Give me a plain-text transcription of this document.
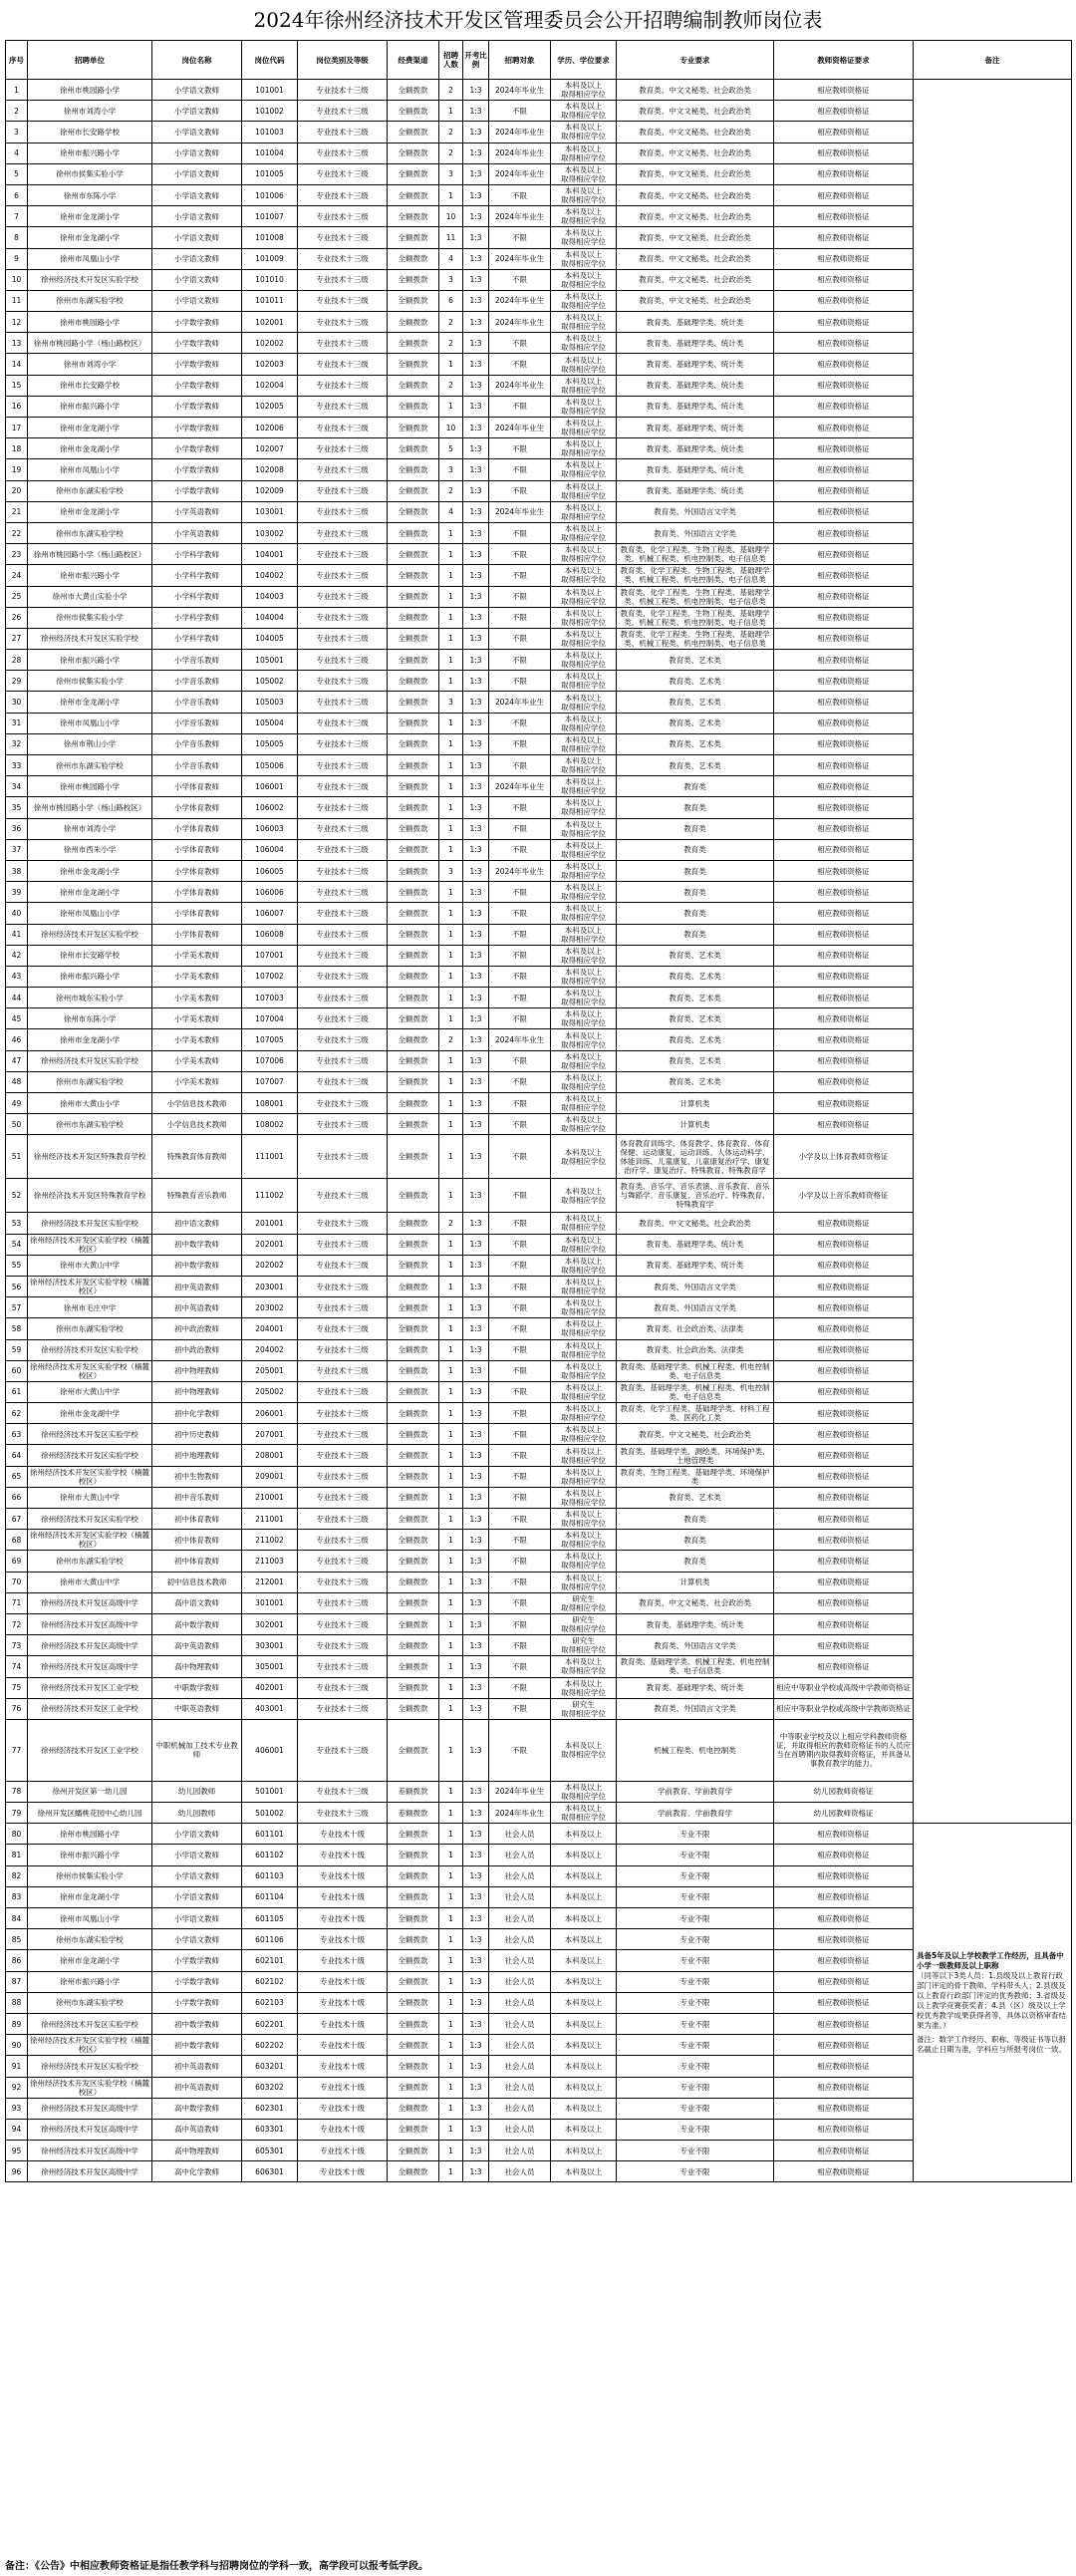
2024年徐州经济技术开发区管理委员会公开招聘编制教师岗位表
序号	招聘单位	岗位名称	岗位代码	岗位类别及等级	经费渠道	招聘人数	开考比例	招聘对象	学历、学位要求	专业要求	教师资格证要求	备注
1	徐州市桃园路小学	小学语文教师	101001	专业技术十三级	全额拨款	2	1:3	2024年毕业生	本科及以上
取得相应学位	教育类、中文文秘类、社会政治类	相应教师资格证	
2	徐州市刘湾小学	小学语文教师	101002	专业技术十三级	全额拨款	1	1:3	不限	本科及以上
取得相应学位	教育类、中文文秘类、社会政治类	相应教师资格证	
3	徐州市长安路学校	小学语文教师	101003	专业技术十三级	全额拨款	2	1:3	2024年毕业生	本科及以上
取得相应学位	教育类、中文文秘类、社会政治类	相应教师资格证	
4	徐州市振兴路小学	小学语文教师	101004	专业技术十三级	全额拨款	2	1:3	2024年毕业生	本科及以上
取得相应学位	教育类、中文文秘类、社会政治类	相应教师资格证	
5	徐州市侯集实验小学	小学语文教师	101005	专业技术十三级	全额拨款	3	1:3	2024年毕业生	本科及以上
取得相应学位	教育类、中文文秘类、社会政治类	相应教师资格证	
6	徐州市东陈小学	小学语文教师	101006	专业技术十三级	全额拨款	1	1:3	不限	本科及以上
取得相应学位	教育类、中文文秘类、社会政治类	相应教师资格证	
7	徐州市金龙湖小学	小学语文教师	101007	专业技术十三级	全额拨款	10	1:3	2024年毕业生	本科及以上
取得相应学位	教育类、中文文秘类、社会政治类	相应教师资格证	
8	徐州市金龙湖小学	小学语文教师	101008	专业技术十三级	全额拨款	11	1:3	不限	本科及以上
取得相应学位	教育类、中文文秘类、社会政治类	相应教师资格证	
9	徐州市凤凰山小学	小学语文教师	101009	专业技术十三级	全额拨款	4	1:3	2024年毕业生	本科及以上
取得相应学位	教育类、中文文秘类、社会政治类	相应教师资格证	
10	徐州经济技术开发区实验学校	小学语文教师	101010	专业技术十三级	全额拨款	3	1:3	不限	本科及以上
取得相应学位	教育类、中文文秘类、社会政治类	相应教师资格证	
11	徐州市东湖实验学校	小学语文教师	101011	专业技术十三级	全额拨款	6	1:3	2024年毕业生	本科及以上
取得相应学位	教育类、中文文秘类、社会政治类	相应教师资格证	
12	徐州市桃园路小学	小学数学教师	102001	专业技术十三级	全额拨款	2	1:3	2024年毕业生	本科及以上
取得相应学位	教育类、基础理学类、统计类	相应教师资格证	
13	徐州市桃园路小学（杨山路校区）	小学数学教师	102002	专业技术十三级	全额拨款	2	1:3	不限	本科及以上
取得相应学位	教育类、基础理学类、统计类	相应教师资格证	
14	徐州市刘湾小学	小学数学教师	102003	专业技术十三级	全额拨款	1	1:3	不限	本科及以上
取得相应学位	教育类、基础理学类、统计类	相应教师资格证	
15	徐州市长安路学校	小学数学教师	102004	专业技术十三级	全额拨款	2	1:3	2024年毕业生	本科及以上
取得相应学位	教育类、基础理学类、统计类	相应教师资格证	
16	徐州市振兴路小学	小学数学教师	102005	专业技术十三级	全额拨款	1	1:3	不限	本科及以上
取得相应学位	教育类、基础理学类、统计类	相应教师资格证	
17	徐州市金龙湖小学	小学数学教师	102006	专业技术十三级	全额拨款	10	1:3	2024年毕业生	本科及以上
取得相应学位	教育类、基础理学类、统计类	相应教师资格证	
18	徐州市金龙湖小学	小学数学教师	102007	专业技术十三级	全额拨款	5	1:3	不限	本科及以上
取得相应学位	教育类、基础理学类、统计类	相应教师资格证	
19	徐州市凤凰山小学	小学数学教师	102008	专业技术十三级	全额拨款	3	1:3	不限	本科及以上
取得相应学位	教育类、基础理学类、统计类	相应教师资格证	
20	徐州市东湖实验学校	小学数学教师	102009	专业技术十三级	全额拨款	2	1:3	不限	本科及以上
取得相应学位	教育类、基础理学类、统计类	相应教师资格证	
21	徐州市金龙湖小学	小学英语教师	103001	专业技术十三级	全额拨款	4	1:3	2024年毕业生	本科及以上
取得相应学位	教育类、外国语言文学类	相应教师资格证	
22	徐州市东湖实验学校	小学英语教师	103002	专业技术十三级	全额拨款	1	1:3	不限	本科及以上
取得相应学位	教育类、外国语言文学类	相应教师资格证	
23	徐州市桃园路小学（杨山路校区）	小学科学教师	104001	专业技术十三级	全额拨款	1	1:3	不限	本科及以上
取得相应学位	教育类、化学工程类、生物工程类、基础理学类、机械工程类、机电控制类、电子信息类	相应教师资格证	
24	徐州市振兴路小学	小学科学教师	104002	专业技术十三级	全额拨款	1	1:3	不限	本科及以上
取得相应学位	教育类、化学工程类、生物工程类、基础理学类、机械工程类、机电控制类、电子信息类	相应教师资格证	
25	徐州市大黄山实验小学	小学科学教师	104003	专业技术十三级	全额拨款	1	1:3	不限	本科及以上
取得相应学位	教育类、化学工程类、生物工程类、基础理学类、机械工程类、机电控制类、电子信息类	相应教师资格证	
26	徐州市侯集实验小学	小学科学教师	104004	专业技术十三级	全额拨款	1	1:3	不限	本科及以上
取得相应学位	教育类、化学工程类、生物工程类、基础理学类、机械工程类、机电控制类、电子信息类	相应教师资格证	
27	徐州经济技术开发区实验学校	小学科学教师	104005	专业技术十三级	全额拨款	1	1:3	不限	本科及以上
取得相应学位	教育类、化学工程类、生物工程类、基础理学类、机械工程类、机电控制类、电子信息类	相应教师资格证	
28	徐州市振兴路小学	小学音乐教师	105001	专业技术十三级	全额拨款	1	1:3	不限	本科及以上
取得相应学位	教育类、艺术类	相应教师资格证	
29	徐州市侯集实验小学	小学音乐教师	105002	专业技术十三级	全额拨款	1	1:3	不限	本科及以上
取得相应学位	教育类、艺术类	相应教师资格证	
30	徐州市金龙湖小学	小学音乐教师	105003	专业技术十三级	全额拨款	3	1:3	2024年毕业生	本科及以上
取得相应学位	教育类、艺术类	相应教师资格证	
31	徐州市凤凰山小学	小学音乐教师	105004	专业技术十三级	全额拨款	1	1:3	不限	本科及以上
取得相应学位	教育类、艺术类	相应教师资格证	
32	徐州市荆山小学	小学音乐教师	105005	专业技术十三级	全额拨款	1	1:3	不限	本科及以上
取得相应学位	教育类、艺术类	相应教师资格证	
33	徐州市东湖实验学校	小学音乐教师	105006	专业技术十三级	全额拨款	1	1:3	不限	本科及以上
取得相应学位	教育类、艺术类	相应教师资格证	
34	徐州市桃园路小学	小学体育教师	106001	专业技术十三级	全额拨款	1	1:3	2024年毕业生	本科及以上
取得相应学位	教育类	相应教师资格证	
35	徐州市桃园路小学（杨山路校区）	小学体育教师	106002	专业技术十三级	全额拨款	1	1:3	不限	本科及以上
取得相应学位	教育类	相应教师资格证	
36	徐州市刘湾小学	小学体育教师	106003	专业技术十三级	全额拨款	1	1:3	不限	本科及以上
取得相应学位	教育类	相应教师资格证	
37	徐州市西朱小学	小学体育教师	106004	专业技术十三级	全额拨款	1	1:3	不限	本科及以上
取得相应学位	教育类	相应教师资格证	
38	徐州市金龙湖小学	小学体育教师	106005	专业技术十三级	全额拨款	3	1:3	2024年毕业生	本科及以上
取得相应学位	教育类	相应教师资格证	
39	徐州市金龙湖小学	小学体育教师	106006	专业技术十三级	全额拨款	1	1:3	不限	本科及以上
取得相应学位	教育类	相应教师资格证	
40	徐州市凤凰山小学	小学体育教师	106007	专业技术十三级	全额拨款	1	1:3	不限	本科及以上
取得相应学位	教育类	相应教师资格证	
41	徐州经济技术开发区实验学校	小学体育教师	106008	专业技术十三级	全额拨款	1	1:3	不限	本科及以上
取得相应学位	教育类	相应教师资格证	
42	徐州市长安路学校	小学美术教师	107001	专业技术十三级	全额拨款	1	1:3	不限	本科及以上
取得相应学位	教育类、艺术类	相应教师资格证	
43	徐州市振兴路小学	小学美术教师	107002	专业技术十三级	全额拨款	1	1:3	不限	本科及以上
取得相应学位	教育类、艺术类	相应教师资格证	
44	徐州市城东实验小学	小学美术教师	107003	专业技术十三级	全额拨款	1	1:3	不限	本科及以上
取得相应学位	教育类、艺术类	相应教师资格证	
45	徐州市东陈小学	小学美术教师	107004	专业技术十三级	全额拨款	1	1:3	不限	本科及以上
取得相应学位	教育类、艺术类	相应教师资格证	
46	徐州市金龙湖小学	小学美术教师	107005	专业技术十三级	全额拨款	2	1:3	2024年毕业生	本科及以上
取得相应学位	教育类、艺术类	相应教师资格证	
47	徐州经济技术开发区实验学校	小学美术教师	107006	专业技术十三级	全额拨款	1	1:3	不限	本科及以上
取得相应学位	教育类、艺术类	相应教师资格证	
48	徐州市东湖实验学校	小学美术教师	107007	专业技术十三级	全额拨款	1	1:3	不限	本科及以上
取得相应学位	教育类、艺术类	相应教师资格证	
49	徐州市大黄山小学	小学信息技术教师	108001	专业技术十三级	全额拨款	1	1:3	不限	本科及以上
取得相应学位	计算机类	相应教师资格证	
50	徐州市东湖实验学校	小学信息技术教师	108002	专业技术十三级	全额拨款	1	1:3	不限	本科及以上
取得相应学位	计算机类	相应教师资格证	
51	徐州经济技术开发区特殊教育学校	特殊教育体育教师	111001	专业技术十三级	全额拨款	1	1:3	不限	本科及以上
取得相应学位	体育教育训练学、体育教学、体育教育、体育保健、运动康复、运动训练、人体运动科学、体能训练、儿童康复、儿童康复治疗学、康复治疗学、康复治疗、特殊教育、特殊教育学	小学及以上体育教师资格证	
52	徐州经济技术开发区特殊教育学校	特殊教育音乐教师	111002	专业技术十三级	全额拨款	1	1:3	不限	本科及以上
取得相应学位	教育类、音乐学、音乐表演、音乐教育、音乐与舞蹈学、音乐康复、音乐治疗、特殊教育、特殊教育学	小学及以上音乐教师资格证	
53	徐州经济技术开发区实验学校	初中语文教师	201001	专业技术十三级	全额拨款	2	1:3	不限	本科及以上
取得相应学位	教育类、中文文秘类、社会政治类	相应教师资格证	
54	徐州经济技术开发区实验学校（楠麓校区）	初中数学教师	202001	专业技术十三级	全额拨款	1	1:3	不限	本科及以上
取得相应学位	教育类、基础理学类、统计类	相应教师资格证	
55	徐州市大黄山中学	初中数学教师	202002	专业技术十三级	全额拨款	1	1:3	不限	本科及以上
取得相应学位	教育类、基础理学类、统计类	相应教师资格证	
56	徐州经济技术开发区实验学校（楠麓校区）	初中英语教师	203001	专业技术十三级	全额拨款	1	1:3	不限	本科及以上
取得相应学位	教育类、外国语言文学类	相应教师资格证	
57	徐州市毛庄中学	初中英语教师	203002	专业技术十三级	全额拨款	1	1:3	不限	本科及以上
取得相应学位	教育类、外国语言文学类	相应教师资格证	
58	徐州市东湖实验学校	初中政治教师	204001	专业技术十三级	全额拨款	1	1:3	不限	本科及以上
取得相应学位	教育类、社会政治类、法律类	相应教师资格证	
59	徐州经济技术开发区实验学校	初中政治教师	204002	专业技术十三级	全额拨款	1	1:3	不限	本科及以上
取得相应学位	教育类、社会政治类、法律类	相应教师资格证	
60	徐州经济技术开发区实验学校（楠麓校区）	初中物理教师	205001	专业技术十三级	全额拨款	1	1:3	不限	本科及以上
取得相应学位	教育类、基础理学类、机械工程类、机电控制类、电子信息类	相应教师资格证	
61	徐州市大黄山中学	初中物理教师	205002	专业技术十三级	全额拨款	1	1:3	不限	本科及以上
取得相应学位	教育类、基础理学类、机械工程类、机电控制类、电子信息类	相应教师资格证	
62	徐州市金龙湖中学	初中化学教师	206001	专业技术十三级	全额拨款	1	1:3	不限	本科及以上
取得相应学位	教育类、化学工程类、基础理学类、材料工程类、医药化工类	相应教师资格证	
63	徐州经济技术开发区实验学校	初中历史教师	207001	专业技术十三级	全额拨款	1	1:3	不限	本科及以上
取得相应学位	教育类、中文文秘类、社会政治类	相应教师资格证	
64	徐州经济技术开发区实验学校	初中地理教师	208001	专业技术十三级	全额拨款	1	1:3	不限	本科及以上
取得相应学位	教育类、基础理学类、测绘类、环境保护类、土地管理类	相应教师资格证	
65	徐州经济技术开发区实验学校（楠麓校区）	初中生物教师	209001	专业技术十三级	全额拨款	1	1:3	不限	本科及以上
取得相应学位	教育类、生物工程类、基础理学类、环境保护类	相应教师资格证	
66	徐州市大黄山中学	初中音乐教师	210001	专业技术十三级	全额拨款	1	1:3	不限	本科及以上
取得相应学位	教育类、艺术类	相应教师资格证	
67	徐州经济技术开发区实验学校	初中体育教师	211001	专业技术十三级	全额拨款	1	1:3	不限	本科及以上
取得相应学位	教育类	相应教师资格证	
68	徐州经济技术开发区实验学校（楠麓校区）	初中体育教师	211002	专业技术十三级	全额拨款	1	1:3	不限	本科及以上
取得相应学位	教育类	相应教师资格证	
69	徐州市东湖实验学校	初中体育教师	211003	专业技术十三级	全额拨款	1	1:3	不限	本科及以上
取得相应学位	教育类	相应教师资格证	
70	徐州市大黄山中学	初中信息技术教师	212001	专业技术十三级	全额拨款	1	1:3	不限	本科及以上
取得相应学位	计算机类	相应教师资格证	
71	徐州经济技术开发区高级中学	高中语文教师	301001	专业技术十三级	全额拨款	1	1:3	不限	研究生
取得相应学位	教育类、中文文秘类、社会政治类	相应教师资格证	
72	徐州经济技术开发区高级中学	高中数学教师	302001	专业技术十三级	全额拨款	1	1:3	不限	研究生
取得相应学位	教育类、基础理学类、统计类	相应教师资格证	
73	徐州经济技术开发区高级中学	高中英语教师	303001	专业技术十三级	全额拨款	1	1:3	不限	研究生
取得相应学位	教育类、外国语言文学类	相应教师资格证	
74	徐州经济技术开发区高级中学	高中物理教师	305001	专业技术十三级	全额拨款	1	1:3	不限	本科及以上
取得相应学位	教育类、基础理学类、机械工程类、机电控制类、电子信息类	相应教师资格证	
75	徐州经济技术开发区工业学校	中职数学教师	402001	专业技术十三级	全额拨款	1	1:3	不限	本科及以上
取得相应学位	教育类、基础理学类、统计类	相应中等职业学校或高级中学教师资格证	
76	徐州经济技术开发区工业学校	中职英语教师	403001	专业技术十三级	全额拨款	1	1:3	不限	研究生
取得相应学位	教育类、外国语言文学类	相应中等职业学校或高级中学教师资格证	
77	徐州经济技术开发区工业学校	中职机械加工技术专业教师	406001	专业技术十三级	全额拨款	1	1:3	不限	本科及以上
取得相应学位	机械工程类、机电控制类	中等职业学校及以上相应学科教师资格证，并取得相应的教师资格证书的人员应当在首聘期内取得教师资格证，并具备从事教育教学的能力。	
78	徐州开发区第一幼儿园	幼儿园教师	501001	专业技术十三级	差额拨款	1	1:3	2024年毕业生	本科及以上
取得相应学位	学前教育、学前教育学	幼儿园教师资格证	
79	徐州开发区蟠桃花园中心幼儿园	幼儿园教师	501002	专业技术十三级	差额拨款	1	1:3	2024年毕业生	本科及以上
取得相应学位	学前教育、学前教育学	幼儿园教师资格证	
80	徐州市桃园路小学	小学语文教师	601101	专业技术十级	全额拨款	1	1:3	社会人员	本科及以上	专业不限	相应教师资格证	具备5年及以上学校教学工作经历，且具备中小学一级教师及以上职称
（同等以下3类人员：1.县级及以上教育行政部门评定的骨干教师、学科带头人；2.县级及以上教育行政部门评定的优秀教师；3.省级及以上教学竞赛获奖者；4.县（区）级及以上学校优秀教学成果获得者等，具体以资格审查结果为准。）
备注：数学工作经历、职称、等级证书等以报名截止日期为准，学科应与所报考岗位一致。

81	徐州市振兴路小学	小学语文教师	601102	专业技术十级	全额拨款	1	1:3	社会人员	本科及以上	专业不限	相应教师资格证	
82	徐州市侯集实验小学	小学语文教师	601103	专业技术十级	全额拨款	1	1:3	社会人员	本科及以上	专业不限	相应教师资格证	
83	徐州市金龙湖小学	小学语文教师	601104	专业技术十级	全额拨款	1	1:3	社会人员	本科及以上	专业不限	相应教师资格证	
84	徐州市凤凰山小学	小学语文教师	601105	专业技术十级	全额拨款	1	1:3	社会人员	本科及以上	专业不限	相应教师资格证	
85	徐州市东湖实验学校	小学语文教师	601106	专业技术十级	全额拨款	1	1:3	社会人员	本科及以上	专业不限	相应教师资格证	
86	徐州市金龙湖小学	小学数学教师	602101	专业技术十级	全额拨款	1	1:3	社会人员	本科及以上	专业不限	相应教师资格证	
87	徐州市振兴路小学	小学数学教师	602102	专业技术十级	全额拨款	1	1:3	社会人员	本科及以上	专业不限	相应教师资格证	
88	徐州市东湖实验学校	小学数学教师	602103	专业技术十级	全额拨款	1	1:3	社会人员	本科及以上	专业不限	相应教师资格证	
89	徐州经济技术开发区实验学校	初中数学教师	602201	专业技术十级	全额拨款	1	1:3	社会人员	本科及以上	专业不限	相应教师资格证	
90	徐州经济技术开发区实验学校（楠麓校区）	初中数学教师	602202	专业技术十级	全额拨款	1	1:3	社会人员	本科及以上	专业不限	相应教师资格证	
91	徐州经济技术开发区实验学校	初中英语教师	603201	专业技术十级	全额拨款	1	1:3	社会人员	本科及以上	专业不限	相应教师资格证	
92	徐州经济技术开发区实验学校（楠麓校区）	初中英语教师	603202	专业技术十级	全额拨款	1	1:3	社会人员	本科及以上	专业不限	相应教师资格证	
93	徐州经济技术开发区高级中学	高中数学教师	602301	专业技术十级	全额拨款	1	1:3	社会人员	本科及以上	专业不限	相应教师资格证	
94	徐州经济技术开发区高级中学	高中英语教师	603301	专业技术十级	全额拨款	1	1:3	社会人员	本科及以上	专业不限	相应教师资格证	
95	徐州经济技术开发区高级中学	高中物理教师	605301	专业技术十级	全额拨款	1	1:3	社会人员	本科及以上	专业不限	相应教师资格证	
96	徐州经济技术开发区高级中学	高中化学教师	606301	专业技术十级	全额拨款	1	1:3	社会人员	本科及以上	专业不限	相应教师资格证	
备注：《公告》中相应教师资格证是指任教学科与招聘岗位的学科一致，高学段可以报考低学段。
